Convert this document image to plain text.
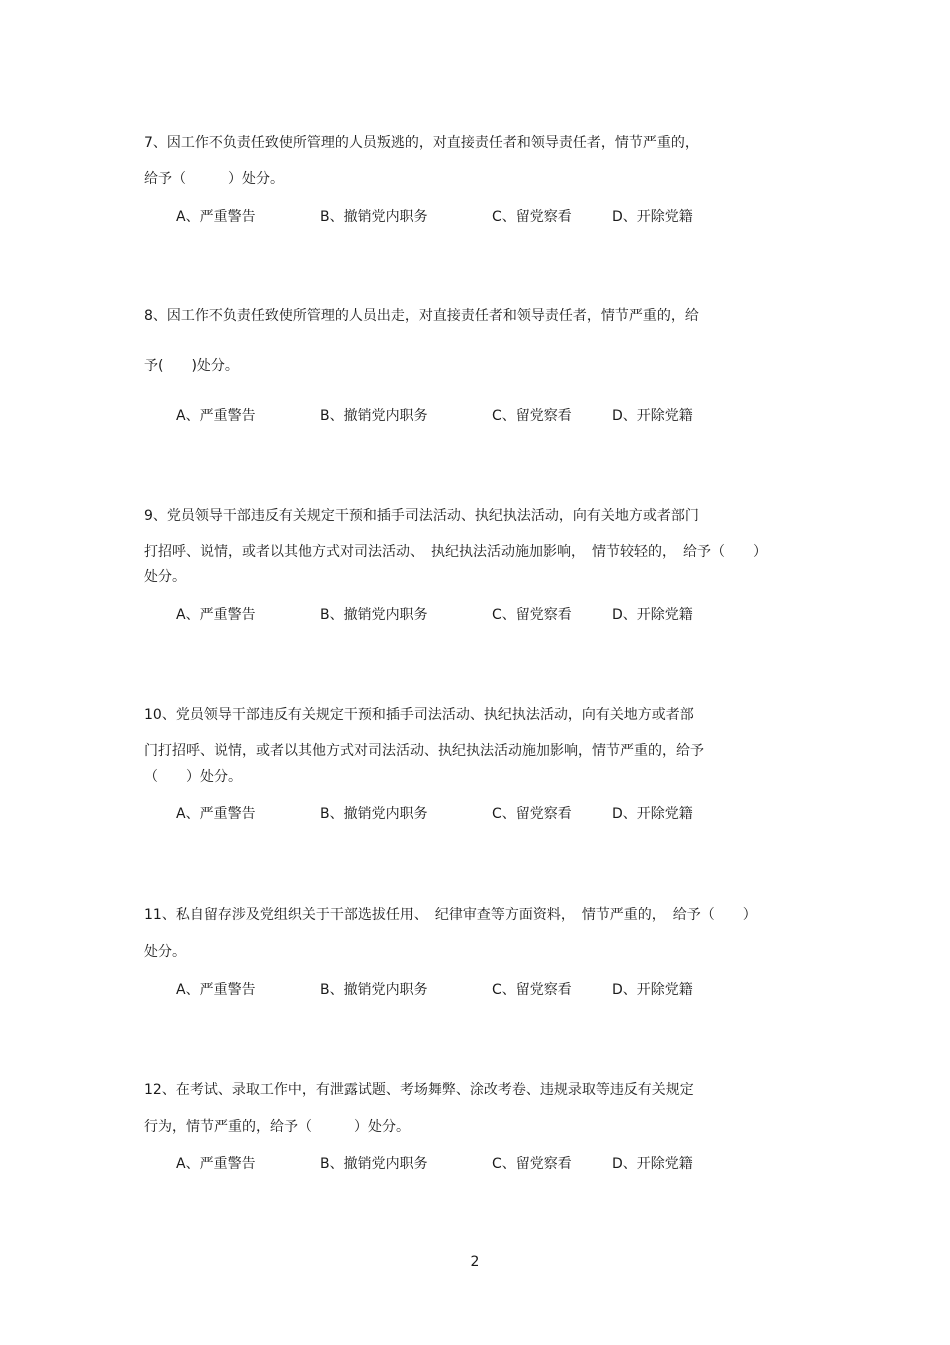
7、因工作不负责任致使所管理的人员叛逃的，对直接责任者和领导责任者，情节严重的，
给予（　　　）处分。
A、严重警告	B、撤销党内职务	C、留党察看	D、开除党籍
8、因工作不负责任致使所管理的人员出走，对直接责任者和领导责任者，情节严重的，给
予(　　)处分。
A、严重警告	B、撤销党内职务	C、留党察看	D、开除党籍
9、党员领导干部违反有关规定干预和插手司法活动、执纪执法活动，向有关地方或者部门
打招呼、说情，或者以其他方式对司法活动、　执纪执法活动施加影响，　情节较轻的，　给予（　　）
处分。
A、严重警告	B、撤销党内职务	C、留党察看	D、开除党籍
10、党员领导干部违反有关规定干预和插手司法活动、执纪执法活动，向有关地方或者部
门打招呼、说情，或者以其他方式对司法活动、执纪执法活动施加影响，情节严重的，给予
（　　）处分。
A、严重警告	B、撤销党内职务	C、留党察看	D、开除党籍
11、私自留存涉及党组织关于干部选拔任用、　纪律审查等方面资料，　情节严重的，　给予（　　）
处分。
A、严重警告	B、撤销党内职务	C、留党察看	D、开除党籍
12、在考试、录取工作中，有泄露试题、考场舞弊、涂改考卷、违规录取等违反有关规定
行为，情节严重的，给予（　　　）处分。
A、严重警告	B、撤销党内职务	C、留党察看	D、开除党籍
2
